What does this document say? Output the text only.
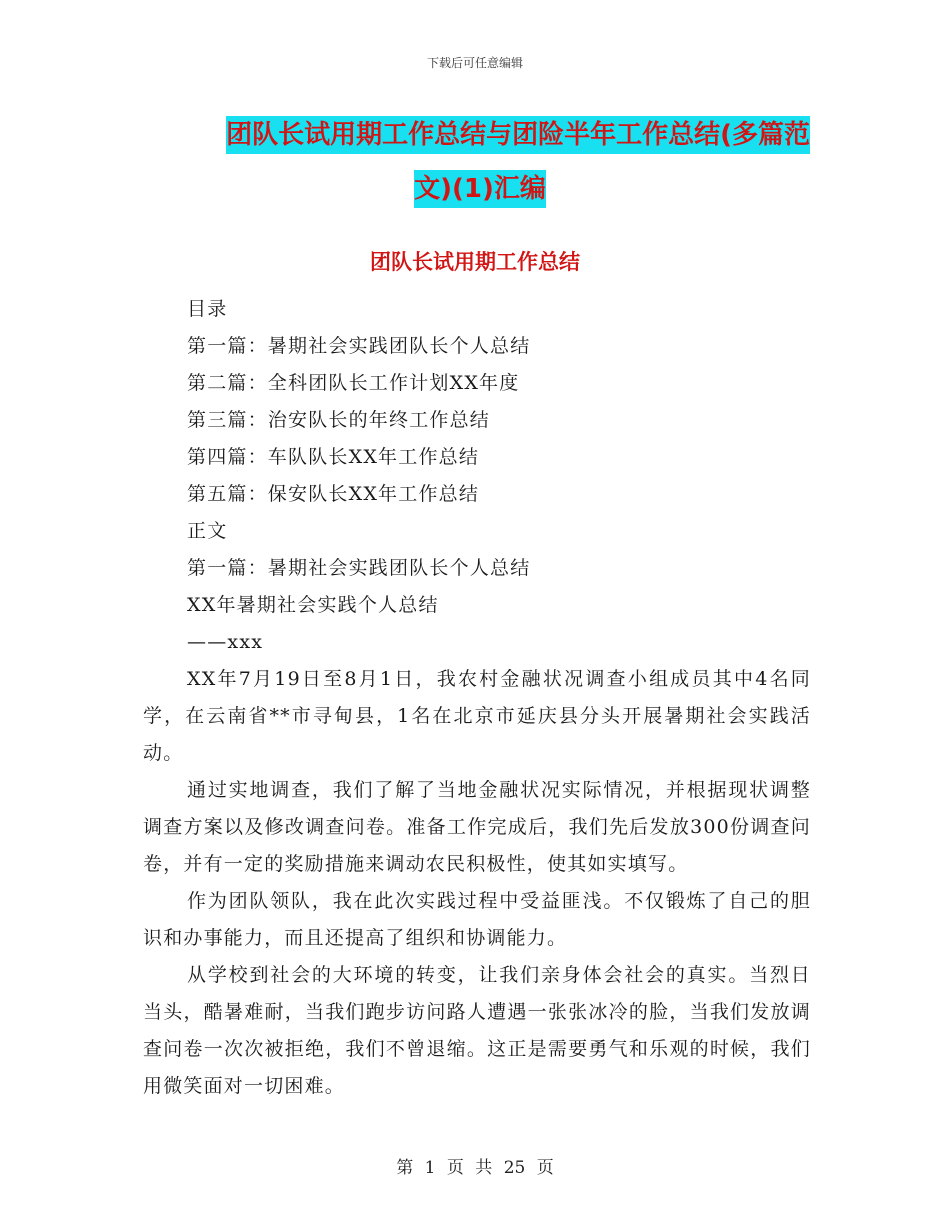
下载后可任意编辑
团队长试用期工作总结与团险半年工作总结(多篇范
文)(1)汇编
团队长试用期工作总结

目录

第一篇：暑期社会实践团队长个人总结

第二篇：全科团队长工作计划XX年度

第三篇：治安队长的年终工作总结

第四篇：车队队长XX年工作总结

第五篇：保安队长XX年工作总结

正文

第一篇：暑期社会实践团队长个人总结

XX年暑期社会实践个人总结

——xxx

XX年7月19日至8月1日，我农村金融状况调查小组成员其中4名同学，在云南省**市寻甸县，1名在北京市延庆县分头开展暑期社会实践活动。

通过实地调查，我们了解了当地金融状况实际情况，并根据现状调整调查方案以及修改调查问卷。准备工作完成后，我们先后发放300份调查问卷，并有一定的奖励措施来调动农民积极性，使其如实填写。

作为团队领队，我在此次实践过程中受益匪浅。不仅锻炼了自己的胆识和办事能力，而且还提高了组织和协调能力。

从学校到社会的大环境的转变，让我们亲身体会社会的真实。当烈日当头，酷暑难耐，当我们跑步访问路人遭遇一张张冰冷的脸，当我们发放调查问卷一次次被拒绝，我们不曾退缩。这正是需要勇气和乐观的时候，我们用微笑面对一切困难。

第 1 页 共 25 页
